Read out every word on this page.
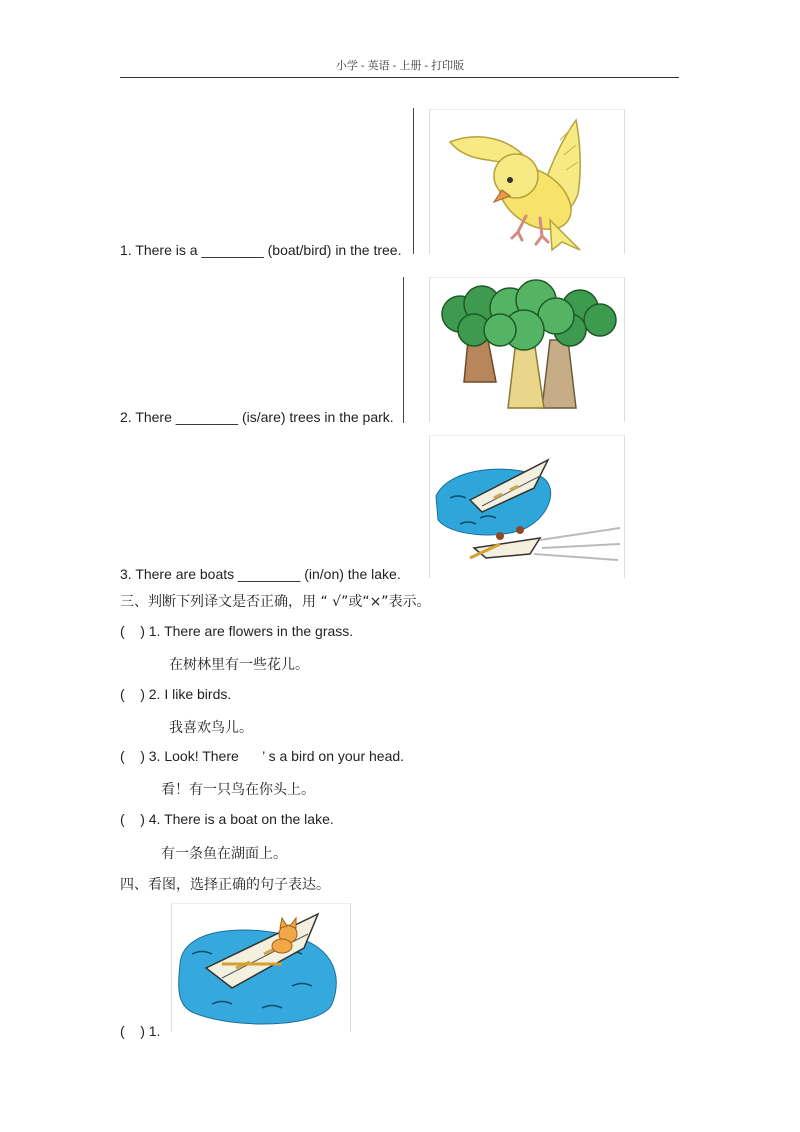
小学 - 英语 - 上册 - 打印版
1. There is a ________ (boat/bird) in the tree.
2. There ________ (is/are) trees in the park.
3. There are boats ________ (in/on) the lake.
三、判断下列译文是否正确，用 “ √”或“×”表示。
(    ) 1. There are flowers in the grass.
在树林里有一些花儿。
(    ) 2. I like birds.
我喜欢鸟儿。
(    ) 3. Look! There      ’ s a bird on your head.
看！有一只鸟在你头上。
(    ) 4. There is a boat on the lake.
有一条鱼在湖面上。
四、看图，选择正确的句子表达。
(    ) 1.
